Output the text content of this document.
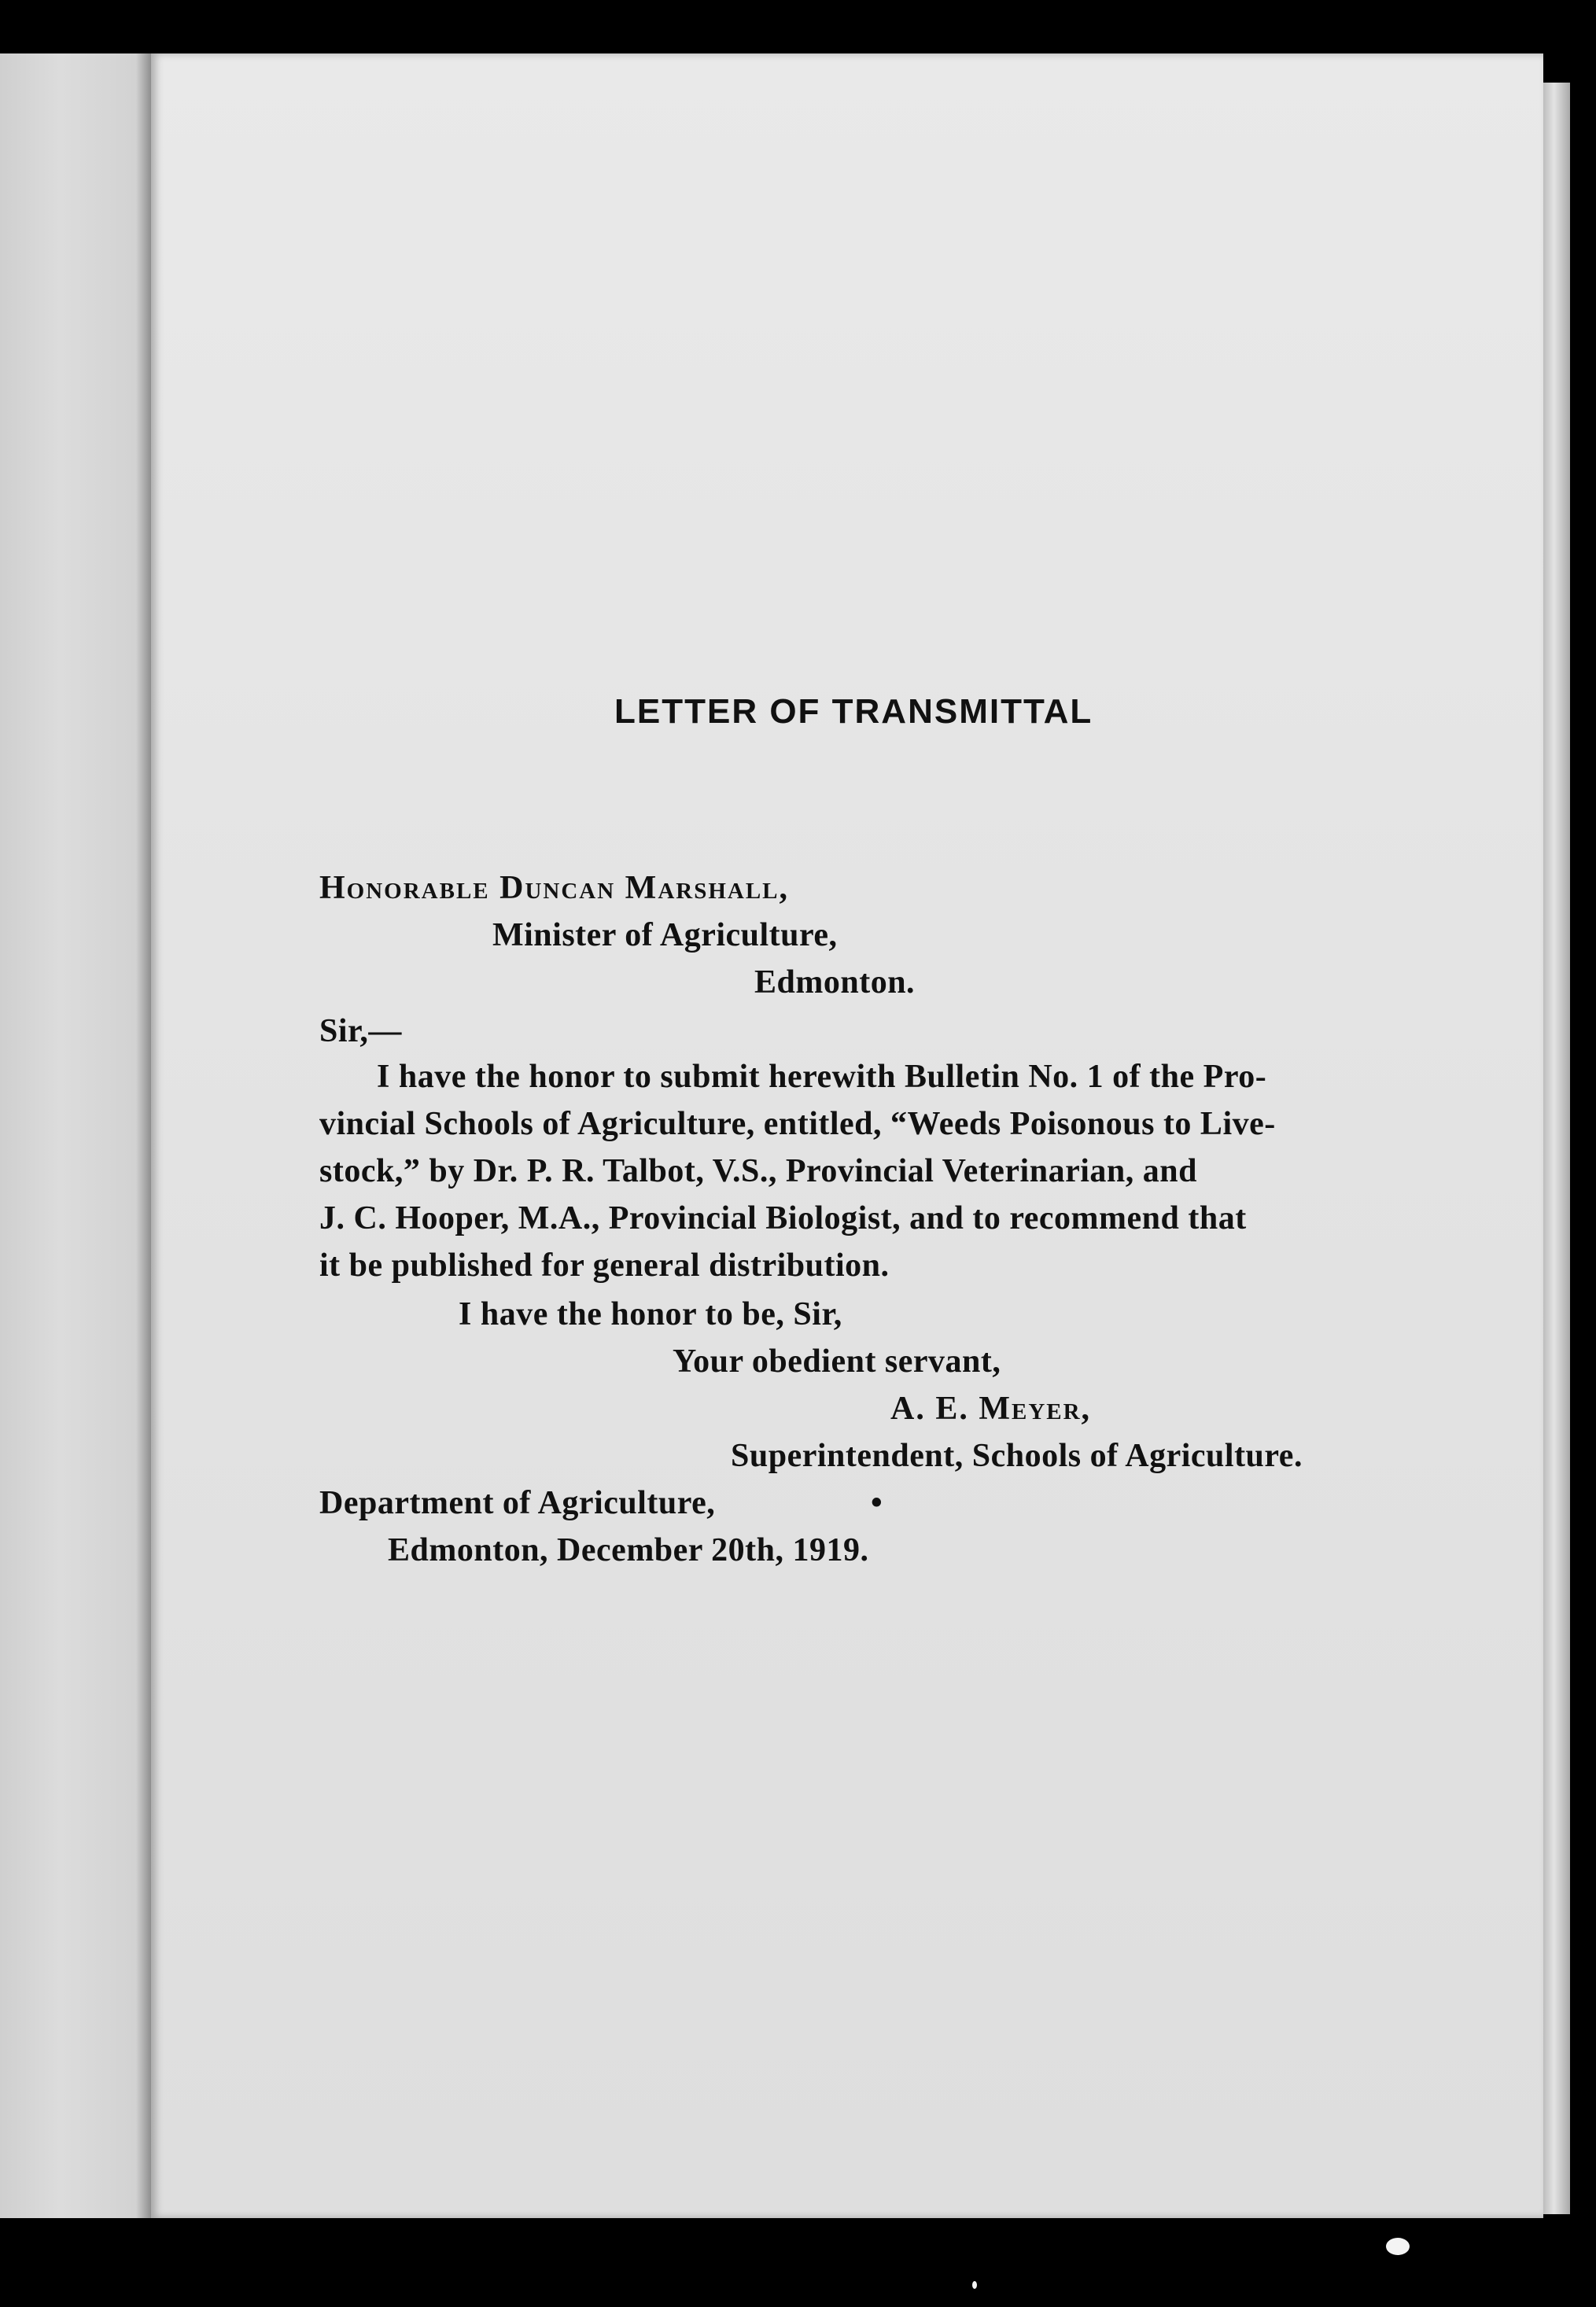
LETTER OF TRANSMITTAL
Honorable Duncan Marshall,
Minister of Agriculture,
Edmonton.
Sir,—
I have the honor to submit herewith Bulletin No. 1 of the Pro-
vincial Schools of Agriculture, entitled, “Weeds Poisonous to Live-
stock,” by Dr. P. R. Talbot, V.S., Provincial Veterinarian, and
J. C. Hooper, M.A., Provincial Biologist, and to recommend that
it be published for general distribution.
I have the honor to be, Sir,
Your obedient servant,
A. E. Meyer,
Superintendent, Schools of Agriculture.
Department of Agriculture,	•
Edmonton, December 20th, 1919.
